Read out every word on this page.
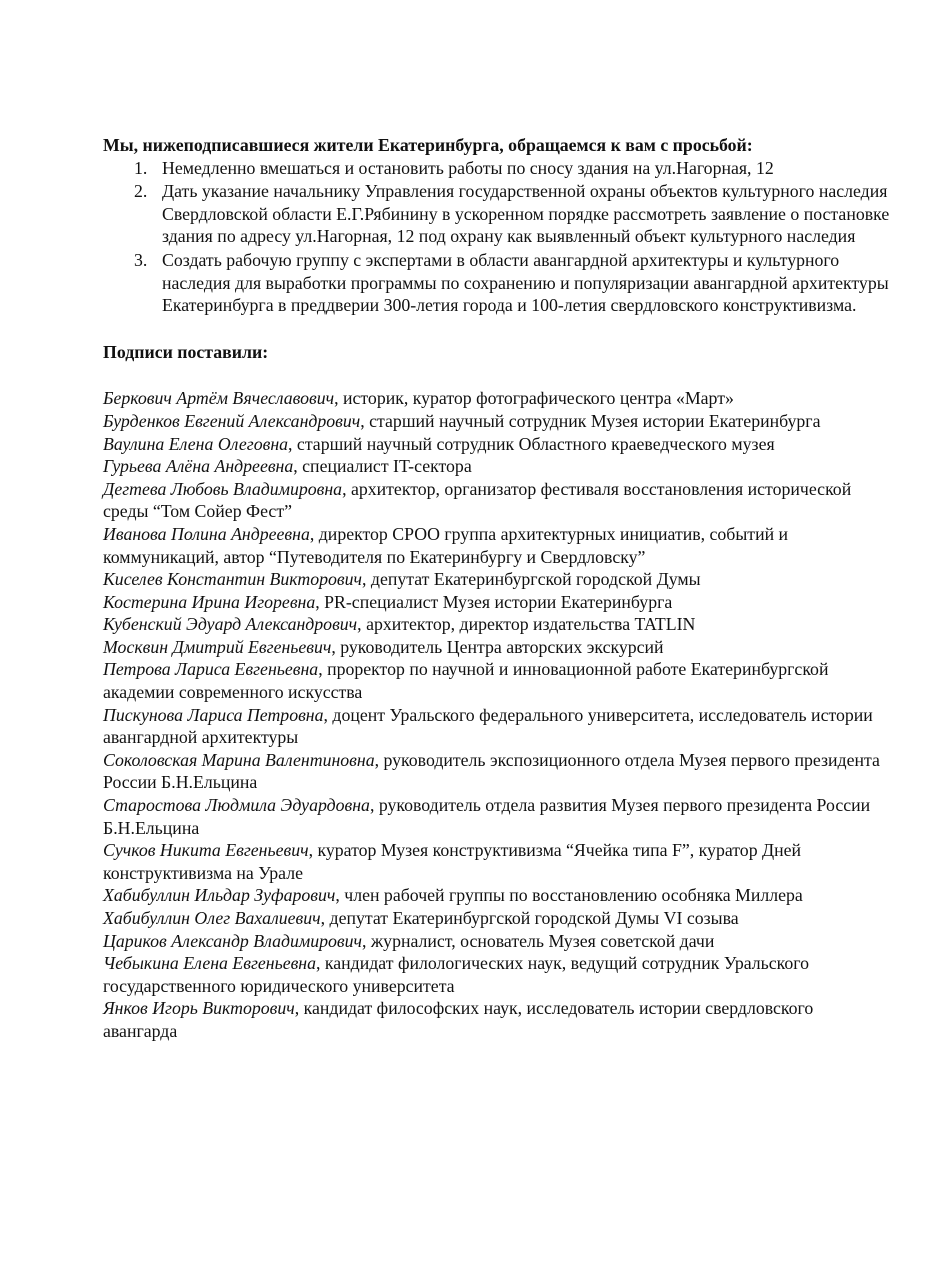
Мы, нижеподписавшиеся жители Екатеринбурга, обращаемся к вам с просьбой:

1. Немедленно вмешаться и остановить работы по сносу здания на ул.Нагорная, 12
2. Дать указание начальнику Управления государственной охраны объектов культурного наследия Свердловской области Е.Г.Рябинину в ускоренном порядке рассмотреть заявление о постановке здания по адресу ул.Нагорная, 12 под охрану как выявленный объект культурного наследия
3. Создать рабочую группу с экспертами в области авангардной архитектуры и культурного наследия для выработки программы по сохранению и популяризации авангардной архитектуры Екатеринбурга в преддверии 300-летия города и 100-летия свердловского конструктивизма.

Подписи поставили:

Беркович Артём Вячеславович, историк, куратор фотографического центра «Март»

Бурденков Евгений Александрович, старший научный сотрудник Музея истории Екатеринбурга

Ваулина Елена Олеговна, старший научный сотрудник Областного краеведческого музея

Гурьева Алёна Андреевна, специалист IT-сектора

Дегтева Любовь Владимировна, архитектор, организатор фестиваля восстановления исторической среды “Том Сойер Фест”

Иванова Полина Андреевна, директор СРОО группа архитектурных инициатив, событий и коммуникаций, автор “Путеводителя по Екатеринбургу и Свердловску”

Киселев Константин Викторович, депутат Екатеринбургской городской Думы

Костерина Ирина Игоревна, PR-специалист Музея истории Екатеринбурга

Кубенский Эдуард Александрович, архитектор, директор издательства TATLIN

Москвин Дмитрий Евгеньевич, руководитель Центра авторских экскурсий

Петрова Лариса Евгеньевна, проректор по научной и инновационной работе Екатеринбургской академии современного искусства

Пискунова Лариса Петровна, доцент Уральского федерального университета, исследователь истории авангардной архитектуры

Соколовская Марина Валентиновна, руководитель экспозиционного отдела Музея первого президента России Б.Н.Ельцина

Старостова Людмила Эдуардовна, руководитель отдела развития Музея первого президента России Б.Н.Ельцина

Сучков Никита Евгеньевич, куратор Музея конструктивизма “Ячейка типа F”, куратор Дней конструктивизма на Урале

Хабибуллин Ильдар Зуфарович, член рабочей группы по восстановлению особняка Миллера

Хабибуллин Олег Вахалиевич, депутат Екатеринбургской городской Думы VI созыва

Цариков Александр Владимирович, журналист, основатель Музея советской дачи

Чебыкина Елена Евгеньевна, кандидат филологических наук, ведущий сотрудник Уральского государственного юридического университета

Янков Игорь Викторович, кандидат философских наук, исследователь истории свердловского авангарда
